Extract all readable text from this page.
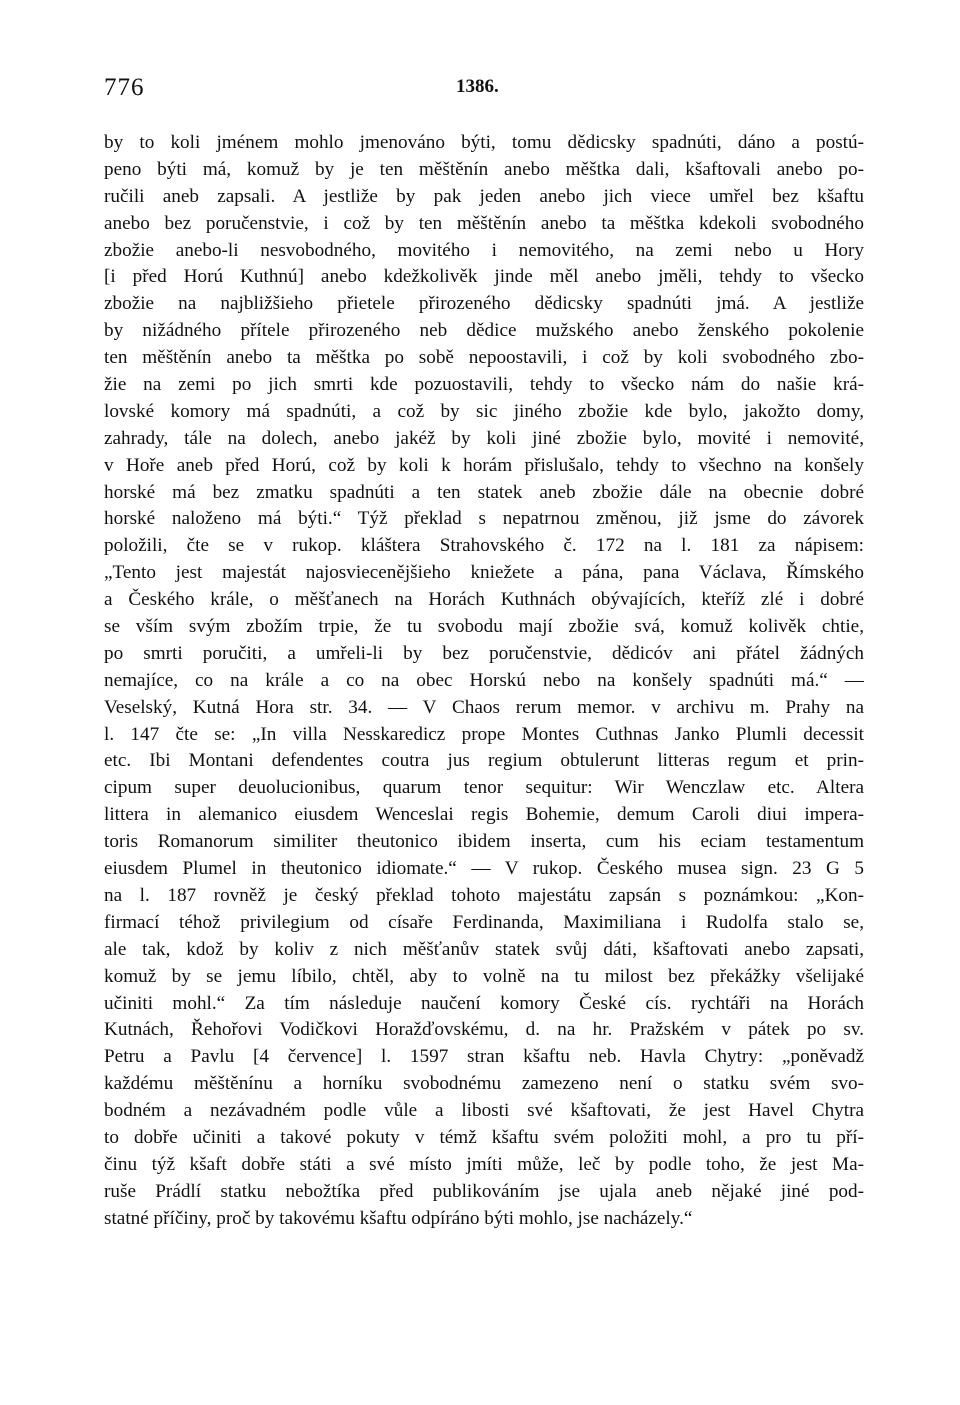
776	1386.
by to koli jménem mohlo jmenováno býti, tomu dědicsky spadnúti, dáno a postú-
peno býti má, komuž by je ten měštěnín anebo měštka dali, kšaftovali anebo po-
ručili aneb zapsali. A jestliže by pak jeden anebo jich viece umřel bez kšaftu
anebo bez poručenstvie, i což by ten měštěnín anebo ta měštka kdekoli svobodného
zbožie anebo-li nesvobodného, movitého i nemovitého, na zemi nebo u Hory
[i před Horú Kuthnú] anebo kdežkolivěk jinde měl anebo jměli, tehdy to všecko
zbožie na najbližšieho přietele přirozeného dědicsky spadnúti jmá. A jestliže
by nižádného přítele přirozeného neb dědice mužského anebo ženského pokolenie
ten měštěnín anebo ta měštka po sobě nepoostavili, i což by koli svobodného zbo-
žie na zemi po jich smrti kde pozuostavili, tehdy to všecko nám do našie krá-
lovské komory má spadnúti, a což by sic jiného zbožie kde bylo, jakožto domy,
zahrady, tále na dolech, anebo jakéž by koli jiné zbožie bylo, movité i nemovité,
v Hoře aneb před Horú, což by koli k horám přislušalo, tehdy to všechno na konšely
horské má bez zmatku spadnúti a ten statek aneb zbožie dále na obecnie dobré
horské naloženo má býti.“ Týž překlad s nepatrnou změnou, již jsme do závorek
položili, čte se v rukop. kláštera Strahovského č. 172 na l. 181 za nápisem:
„Tento jest majestát najosviecenějšieho kniežete a pána, pana Václava, Římského
a Českého krále, o měšťanech na Horách Kuthnách obývajících, kteříž zlé i dobré
se vším svým zbožím trpie, že tu svobodu mají zbožie svá, komuž kolivěk chtie,
po smrti poručiti, a umřeli-li by bez poručenstvie, dědicóv ani přátel žádných
nemajíce, co na krále a co na obec Horskú nebo na konšely spadnúti má.“ —
Veselský, Kutná Hora str. 34. — V Chaos rerum memor. v archivu m. Prahy na
l. 147 čte se: „In villa Nesskaredicz prope Montes Cuthnas Janko Plumli decessit
etc. Ibi Montani defendentes coutra jus regium obtulerunt litteras regum et prin-
cipum super deuolucionibus, quarum tenor sequitur: Wir Wenczlaw etc. Altera
littera in alemanico eiusdem Wenceslai regis Bohemie, demum Caroli diui impera-
toris Romanorum similiter theutonico ibidem inserta, cum his eciam testamentum
eiusdem Plumel in theutonico idiomate.“ — V rukop. Českého musea sign. 23 G 5
na l. 187 rovněž je český překlad tohoto majestátu zapsán s poznámkou: „Kon-
firmací téhož privilegium od císaře Ferdinanda, Maximiliana i Rudolfa stalo se,
ale tak, kdož by koliv z nich měšťanův statek svůj dáti, kšaftovati anebo zapsati,
komuž by se jemu líbilo, chtěl, aby to volně na tu milost bez překážky všelijaké
učiniti mohl.“ Za tím následuje naučení komory České cís. rychtáři na Horách
Kutnách, Řehořovi Vodičkovi Horažďovskému, d. na hr. Pražském v pátek po sv.
Petru a Pavlu [4 července] l. 1597 stran kšaftu neb. Havla Chytry: „poněvadž
každému měštěnínu a horníku svobodnému zamezeno není o statku svém svo-
bodném a nezávadném podle vůle a libosti své kšaftovati, že jest Havel Chytra
to dobře učiniti a takové pokuty v témž kšaftu svém položiti mohl, a pro tu pří-
činu týž kšaft dobře státi a své místo jmíti může, leč by podle toho, že jest Ma-
ruše Prádlí statku nebožtíka před publikováním jse ujala aneb nějaké jiné pod-
statné příčiny, proč by takovému kšaftu odpíráno býti mohlo, jse nacházely.“
